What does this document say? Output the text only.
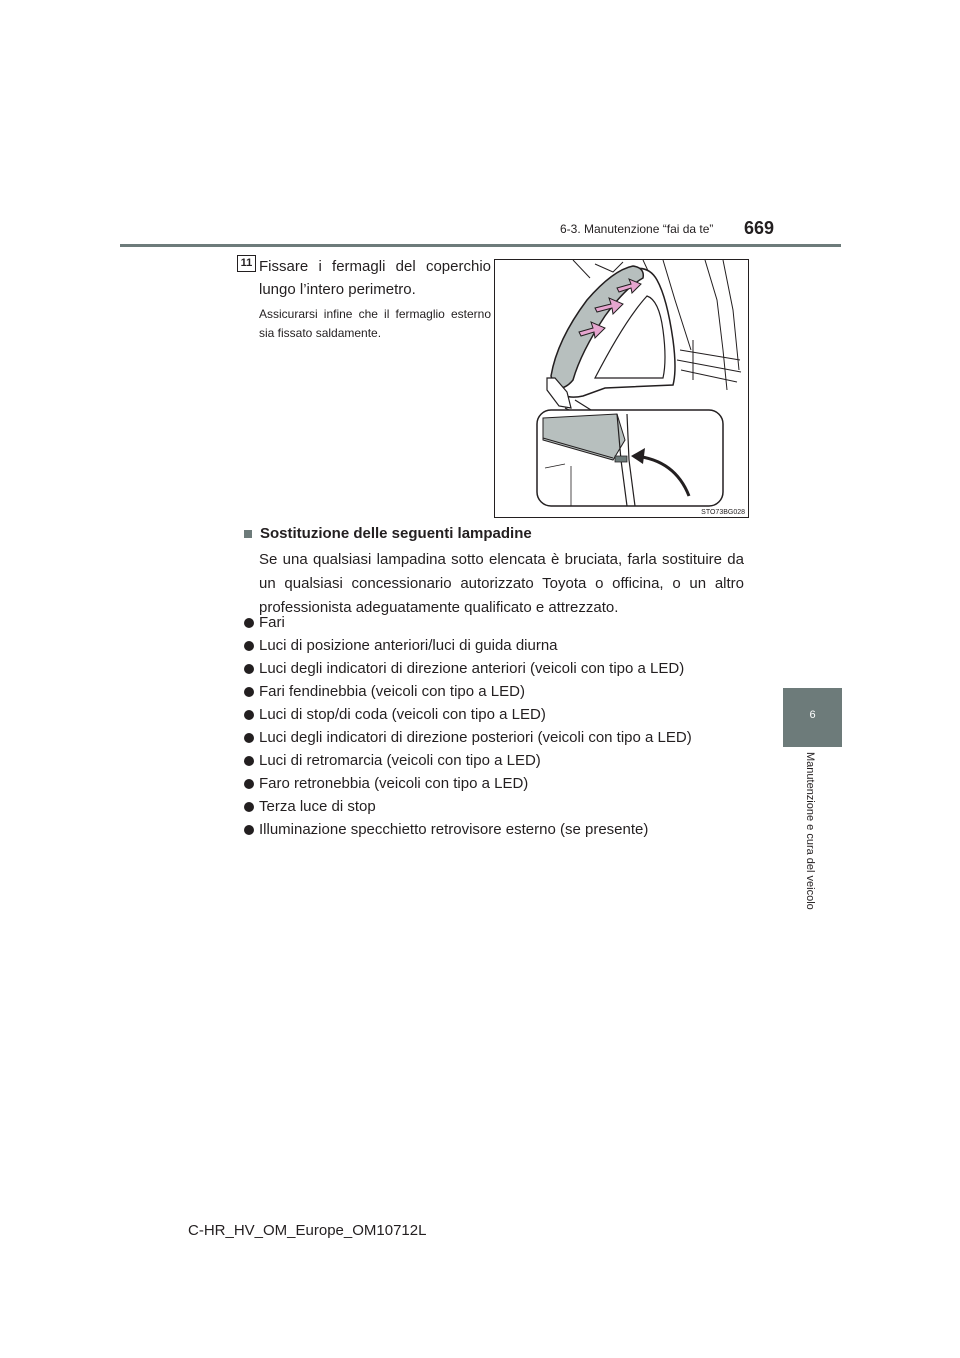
6-3. Manutenzione “fai da te” 669
6
Manutenzione e cura del veicolo
11 Fissare i fermagli del coperchio lungo l’intero perimetro.
Assicurarsi infine che il fermaglio esterno sia fissato saldamente.
STO73BG028
Sostituzione delle seguenti lampadine
Se una qualsiasi lampadina sotto elencata è bruciata, farla sostituire da un qualsiasi concessionario autorizzato Toyota o officina, o un altro professionista adeguatamente qualificato e attrezzato.
Fari
Luci di posizione anteriori/luci di guida diurna
Luci degli indicatori di direzione anteriori (veicoli con tipo a LED)
Fari fendinebbia (veicoli con tipo a LED)
Luci di stop/di coda (veicoli con tipo a LED)
Luci degli indicatori di direzione posteriori (veicoli con tipo a LED)
Luci di retromarcia (veicoli con tipo a LED)
Faro retronebbia (veicoli con tipo a LED)
Terza luce di stop
Illuminazione specchietto retrovisore esterno (se presente)
C-HR_HV_OM_Europe_OM10712L
